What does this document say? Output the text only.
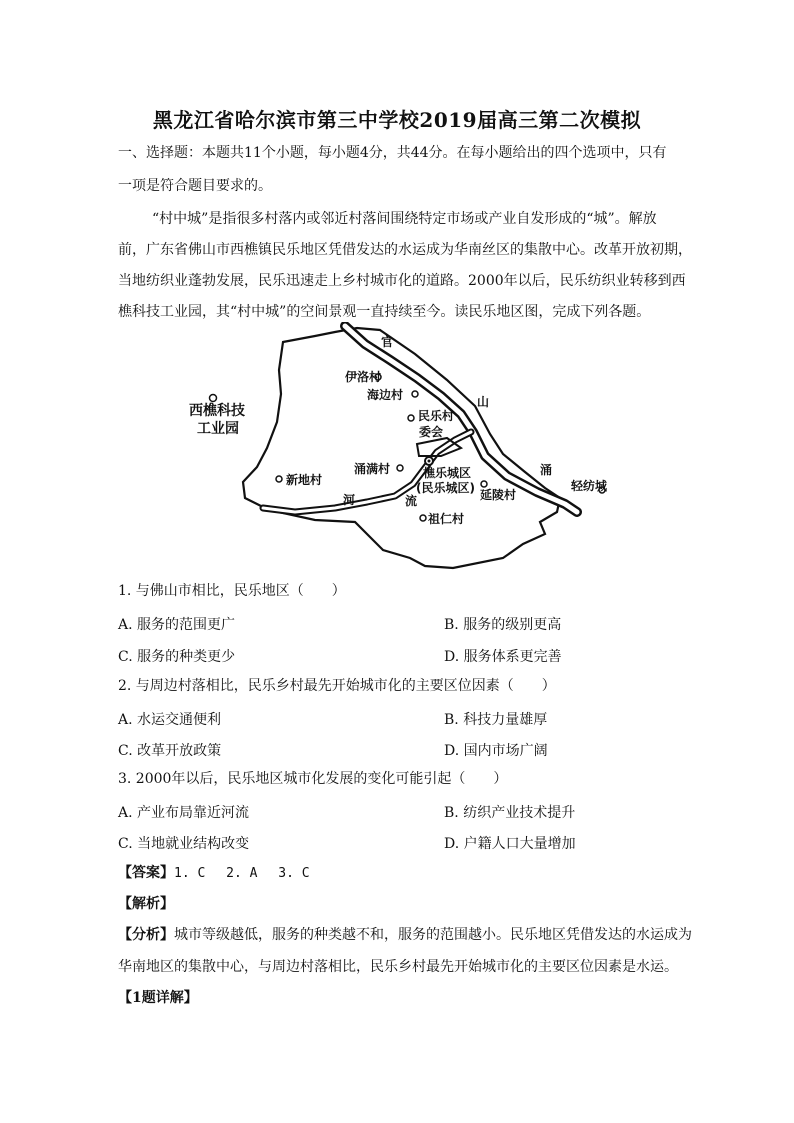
黑龙江省哈尔滨市第三中学校2019届高三第二次模拟
一、选择题：本题共11个小题，每小题4分，共44分。在每小题给出的四个选项中，只有
一项是符合题目要求的。
“村中城”是指很多村落内或邻近村落间围绕特定市场或产业自发形成的“城”。解放
前，广东省佛山市西樵镇民乐地区凭借发达的水运成为华南丝区的集散中心。改革开放初期，
当地纺织业蓬勃发展，民乐迅速走上乡村城市化的道路。2000年以后，民乐纺织业转移到西
樵科技工业园，其“村中城”的空间景观一直持续至今。读民乐地区图，完成下列各题。
官
山
涌
河	流
伊洛村
海边村
民乐村
委会
西樵科技
工业园
涌满村	樵乐城区
(民乐城区) 延陵村
新地村
祖仁村
轻纺城
1. 与佛山市相比，民乐地区（　　）
A. 服务的范围更广	B. 服务的级别更高
C. 服务的种类更少	D. 服务体系更完善
2. 与周边村落相比，民乐乡村最先开始城市化的主要区位因素（　　）
A. 水运交通便利	B. 科技力量雄厚
C. 改革开放政策	D. 国内市场广阔
3. 2000年以后，民乐地区城市化发展的变化可能引起（　　）
A. 产业布局靠近河流	B. 纺织产业技术提升
C. 当地就业结构改变	D. 户籍人口大量增加
【答案】1. C　 2. A　 3. C
【解析】
【分析】城市等级越低，服务的种类越不和，服务的范围越小。民乐地区凭借发达的水运成为
华南地区的集散中心，与周边村落相比，民乐乡村最先开始城市化的主要区位因素是水运。
【1题详解】
